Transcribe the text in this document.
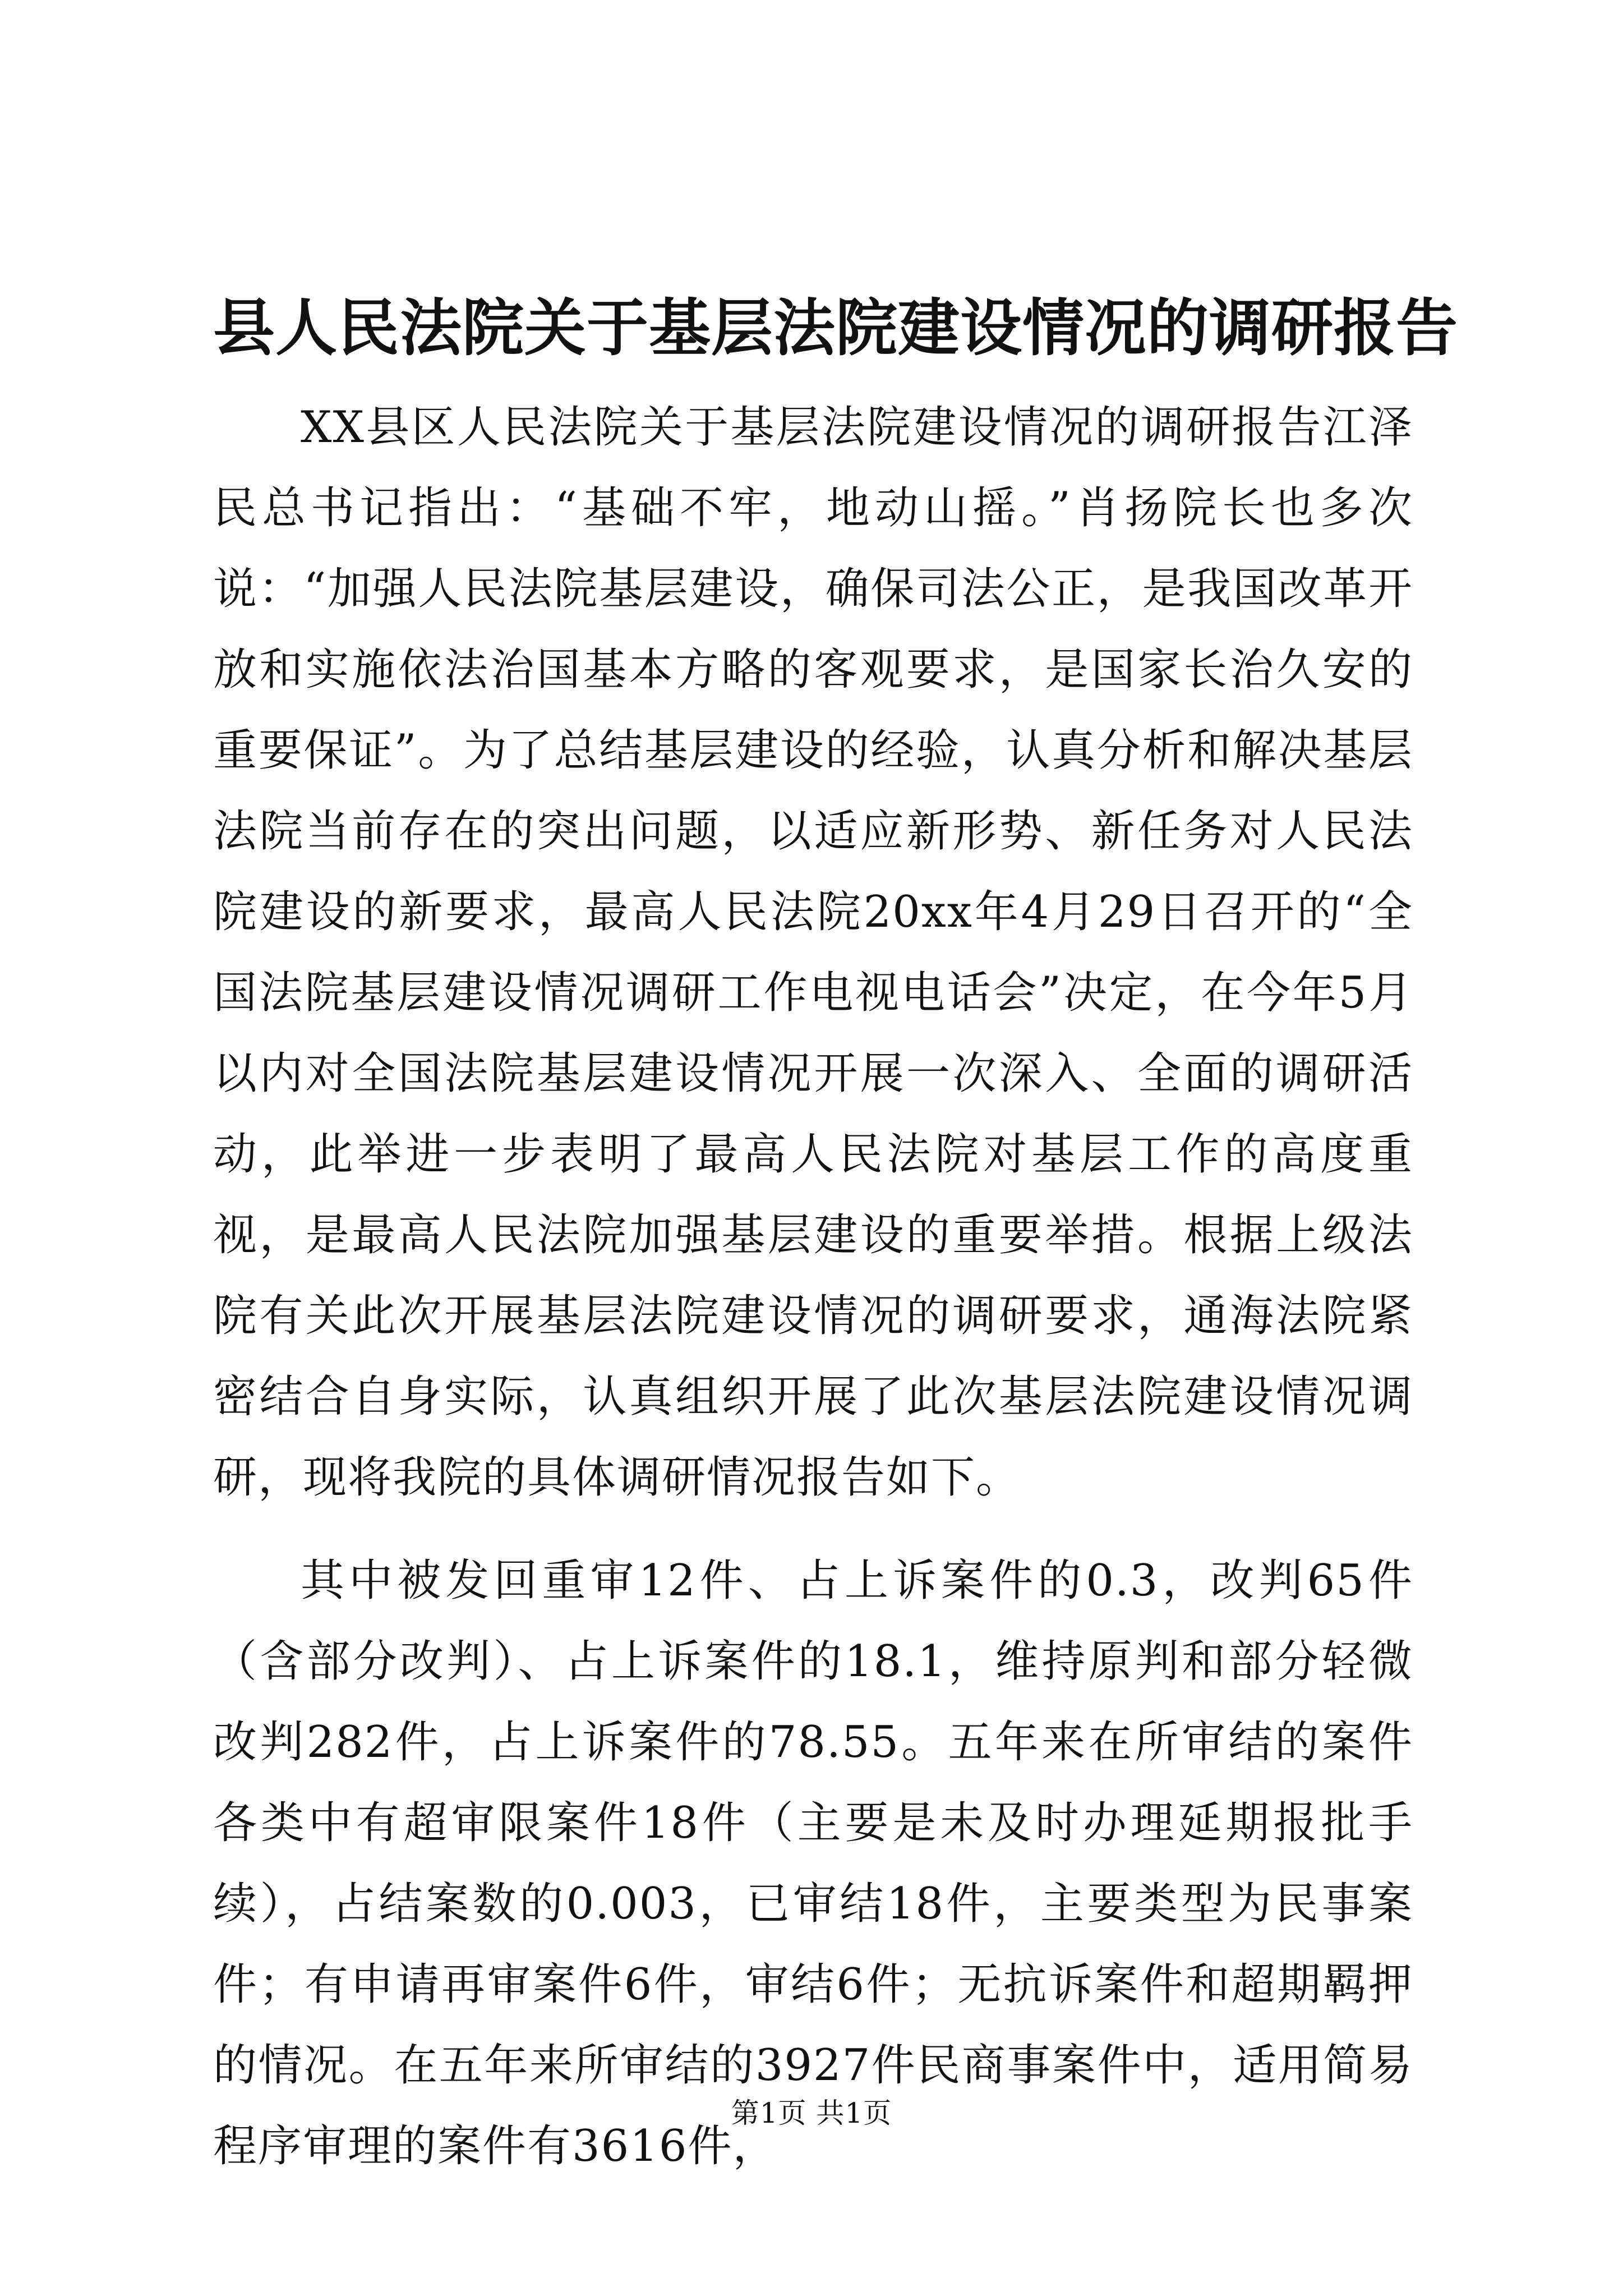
县人民法院关于基层法院建设情况的调研报告

XX县区人民法院关于基层法院建设情况的调研报告江泽民总书记指出：“基础不牢，地动山摇。”肖扬院长也多次说：“加强人民法院基层建设，确保司法公正，是我国改革开放和实施依法治国基本方略的客观要求，是国家长治久安的重要保证”。为了总结基层建设的经验，认真分析和解决基层法院当前存在的突出问题，以适应新形势、新任务对人民法院建设的新要求，最高人民法院20xx年4月29日召开的“全国法院基层建设情况调研工作电视电话会”决定，在今年5月以内对全国法院基层建设情况开展一次深入、全面的调研活动，此举进一步表明了最高人民法院对基层工作的高度重视，是最高人民法院加强基层建设的重要举措。根据上级法院有关此次开展基层法院建设情况的调研要求，通海法院紧密结合自身实际，认真组织开展了此次基层法院建设情况调研，现将我院的具体调研情况报告如下。

其中被发回重审12件、占上诉案件的0.3，改判65件（含部分改判）、占上诉案件的18.1，维持原判和部分轻微改判282件，占上诉案件的78.55。五年来在所审结的案件各类中有超审限案件18件（主要是未及时办理延期报批手续），占结案数的0.003，已审结18件，主要类型为民事案件；有申请再审案件6件，审结6件；无抗诉案件和超期羁押的情况。在五年来所审结的3927件民商事案件中，适用简易程序审理的案件有3616件，

第1页 共1页
